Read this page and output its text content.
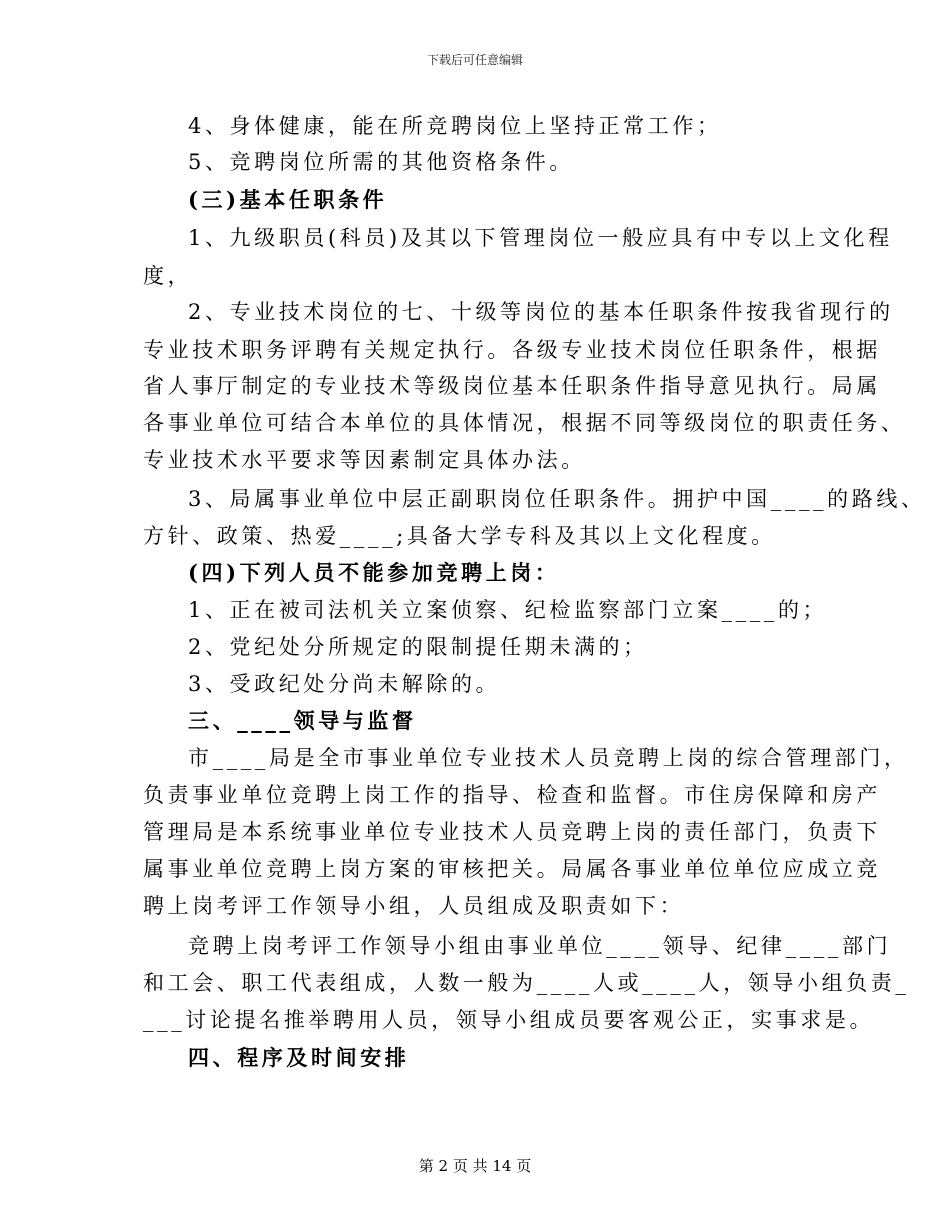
下载后可任意编辑
4、身体健康，能在所竞聘岗位上坚持正常工作；
5、竞聘岗位所需的其他资格条件。
(三)基本任职条件
1、九级职员(科员)及其以下管理岗位一般应具有中专以上文化程
度，
2、专业技术岗位的七、十级等岗位的基本任职条件按我省现行的
专业技术职务评聘有关规定执行。各级专业技术岗位任职条件，根据
省人事厅制定的专业技术等级岗位基本任职条件指导意见执行。局属
各事业单位可结合本单位的具体情况，根据不同等级岗位的职责任务、
专业技术水平要求等因素制定具体办法。
3、局属事业单位中层正副职岗位任职条件。拥护中国____的路线、
方针、政策、热爱____;具备大学专科及其以上文化程度。
(四)下列人员不能参加竞聘上岗：
1、正在被司法机关立案侦察、纪检监察部门立案____的；
2、党纪处分所规定的限制提任期未满的；
3、受政纪处分尚未解除的。
三、____领导与监督
市____局是全市事业单位专业技术人员竞聘上岗的综合管理部门，
负责事业单位竞聘上岗工作的指导、检查和监督。市住房保障和房产
管理局是本系统事业单位专业技术人员竞聘上岗的责任部门，负责下
属事业单位竞聘上岗方案的审核把关。局属各事业单位单位应成立竞
聘上岗考评工作领导小组，人员组成及职责如下：
竞聘上岗考评工作领导小组由事业单位____领导、纪律____部门
和工会、职工代表组成，人数一般为____人或____人，领导小组负责_
___讨论提名推举聘用人员，领导小组成员要客观公正，实事求是。
四、程序及时间安排
第 2 页 共 14 页
